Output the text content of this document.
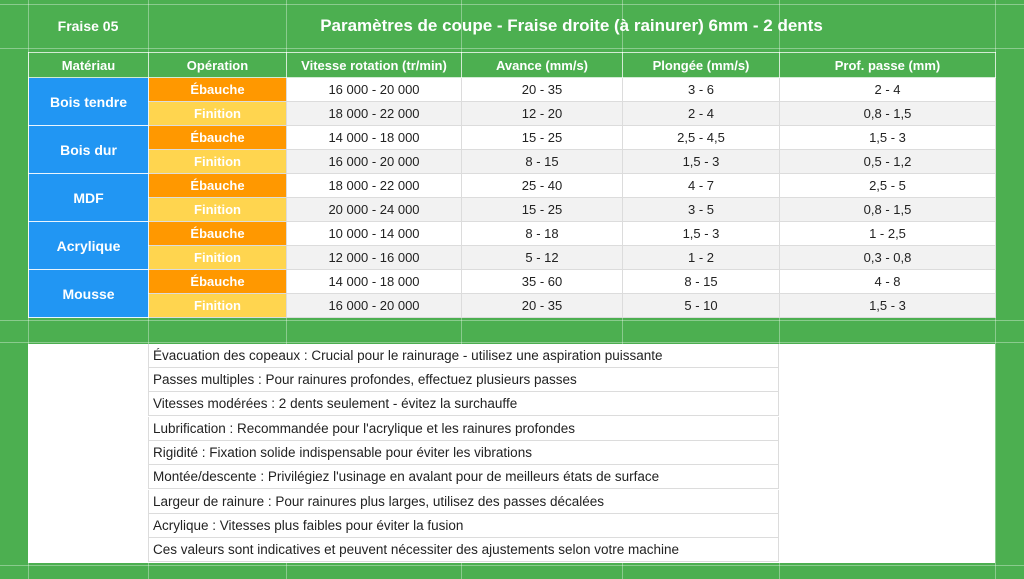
Fraise 05	Paramètres de coupe - Fraise droite (à rainurer) 6mm - 2 dents
Matériau	Opération	Vitesse rotation (tr/min)	Avance (mm/s)	Plongée (mm/s)	Prof. passe (mm)
Bois tendre	Ébauche	16 000 - 20 000	20 - 35	3 - 6	2 - 4
	Finition	18 000 - 22 000	12 - 20	2 - 4	0,8 - 1,5
Bois dur	Ébauche	14 000 - 18 000	15 - 25	2,5 - 4,5	1,5 - 3
	Finition	16 000 - 20 000	8 - 15	1,5 - 3	0,5 - 1,2
MDF	Ébauche	18 000 - 22 000	25 - 40	4 - 7	2,5 - 5
	Finition	20 000 - 24 000	15 - 25	3 - 5	0,8 - 1,5
Acrylique	Ébauche	10 000 - 14 000	8 - 18	1,5 - 3	1 - 2,5
	Finition	12 000 - 16 000	5 - 12	1 - 2	0,3 - 0,8
Mousse	Ébauche	14 000 - 18 000	35 - 60	8 - 15	4 - 8
	Finition	16 000 - 20 000	20 - 35	5 - 10	1,5 - 3
Évacuation des copeaux : Crucial pour le rainurage - utilisez une aspiration puissante
Passes multiples : Pour rainures profondes, effectuez plusieurs passes
Vitesses modérées : 2 dents seulement - évitez la surchauffe
Lubrification : Recommandée pour l'acrylique et les rainures profondes
Rigidité : Fixation solide indispensable pour éviter les vibrations
Montée/descente : Privilégiez l'usinage en avalant pour de meilleurs états de surface
Largeur de rainure : Pour rainures plus larges, utilisez des passes décalées
Acrylique : Vitesses plus faibles pour éviter la fusion
Ces valeurs sont indicatives et peuvent nécessiter des ajustements selon votre machine
